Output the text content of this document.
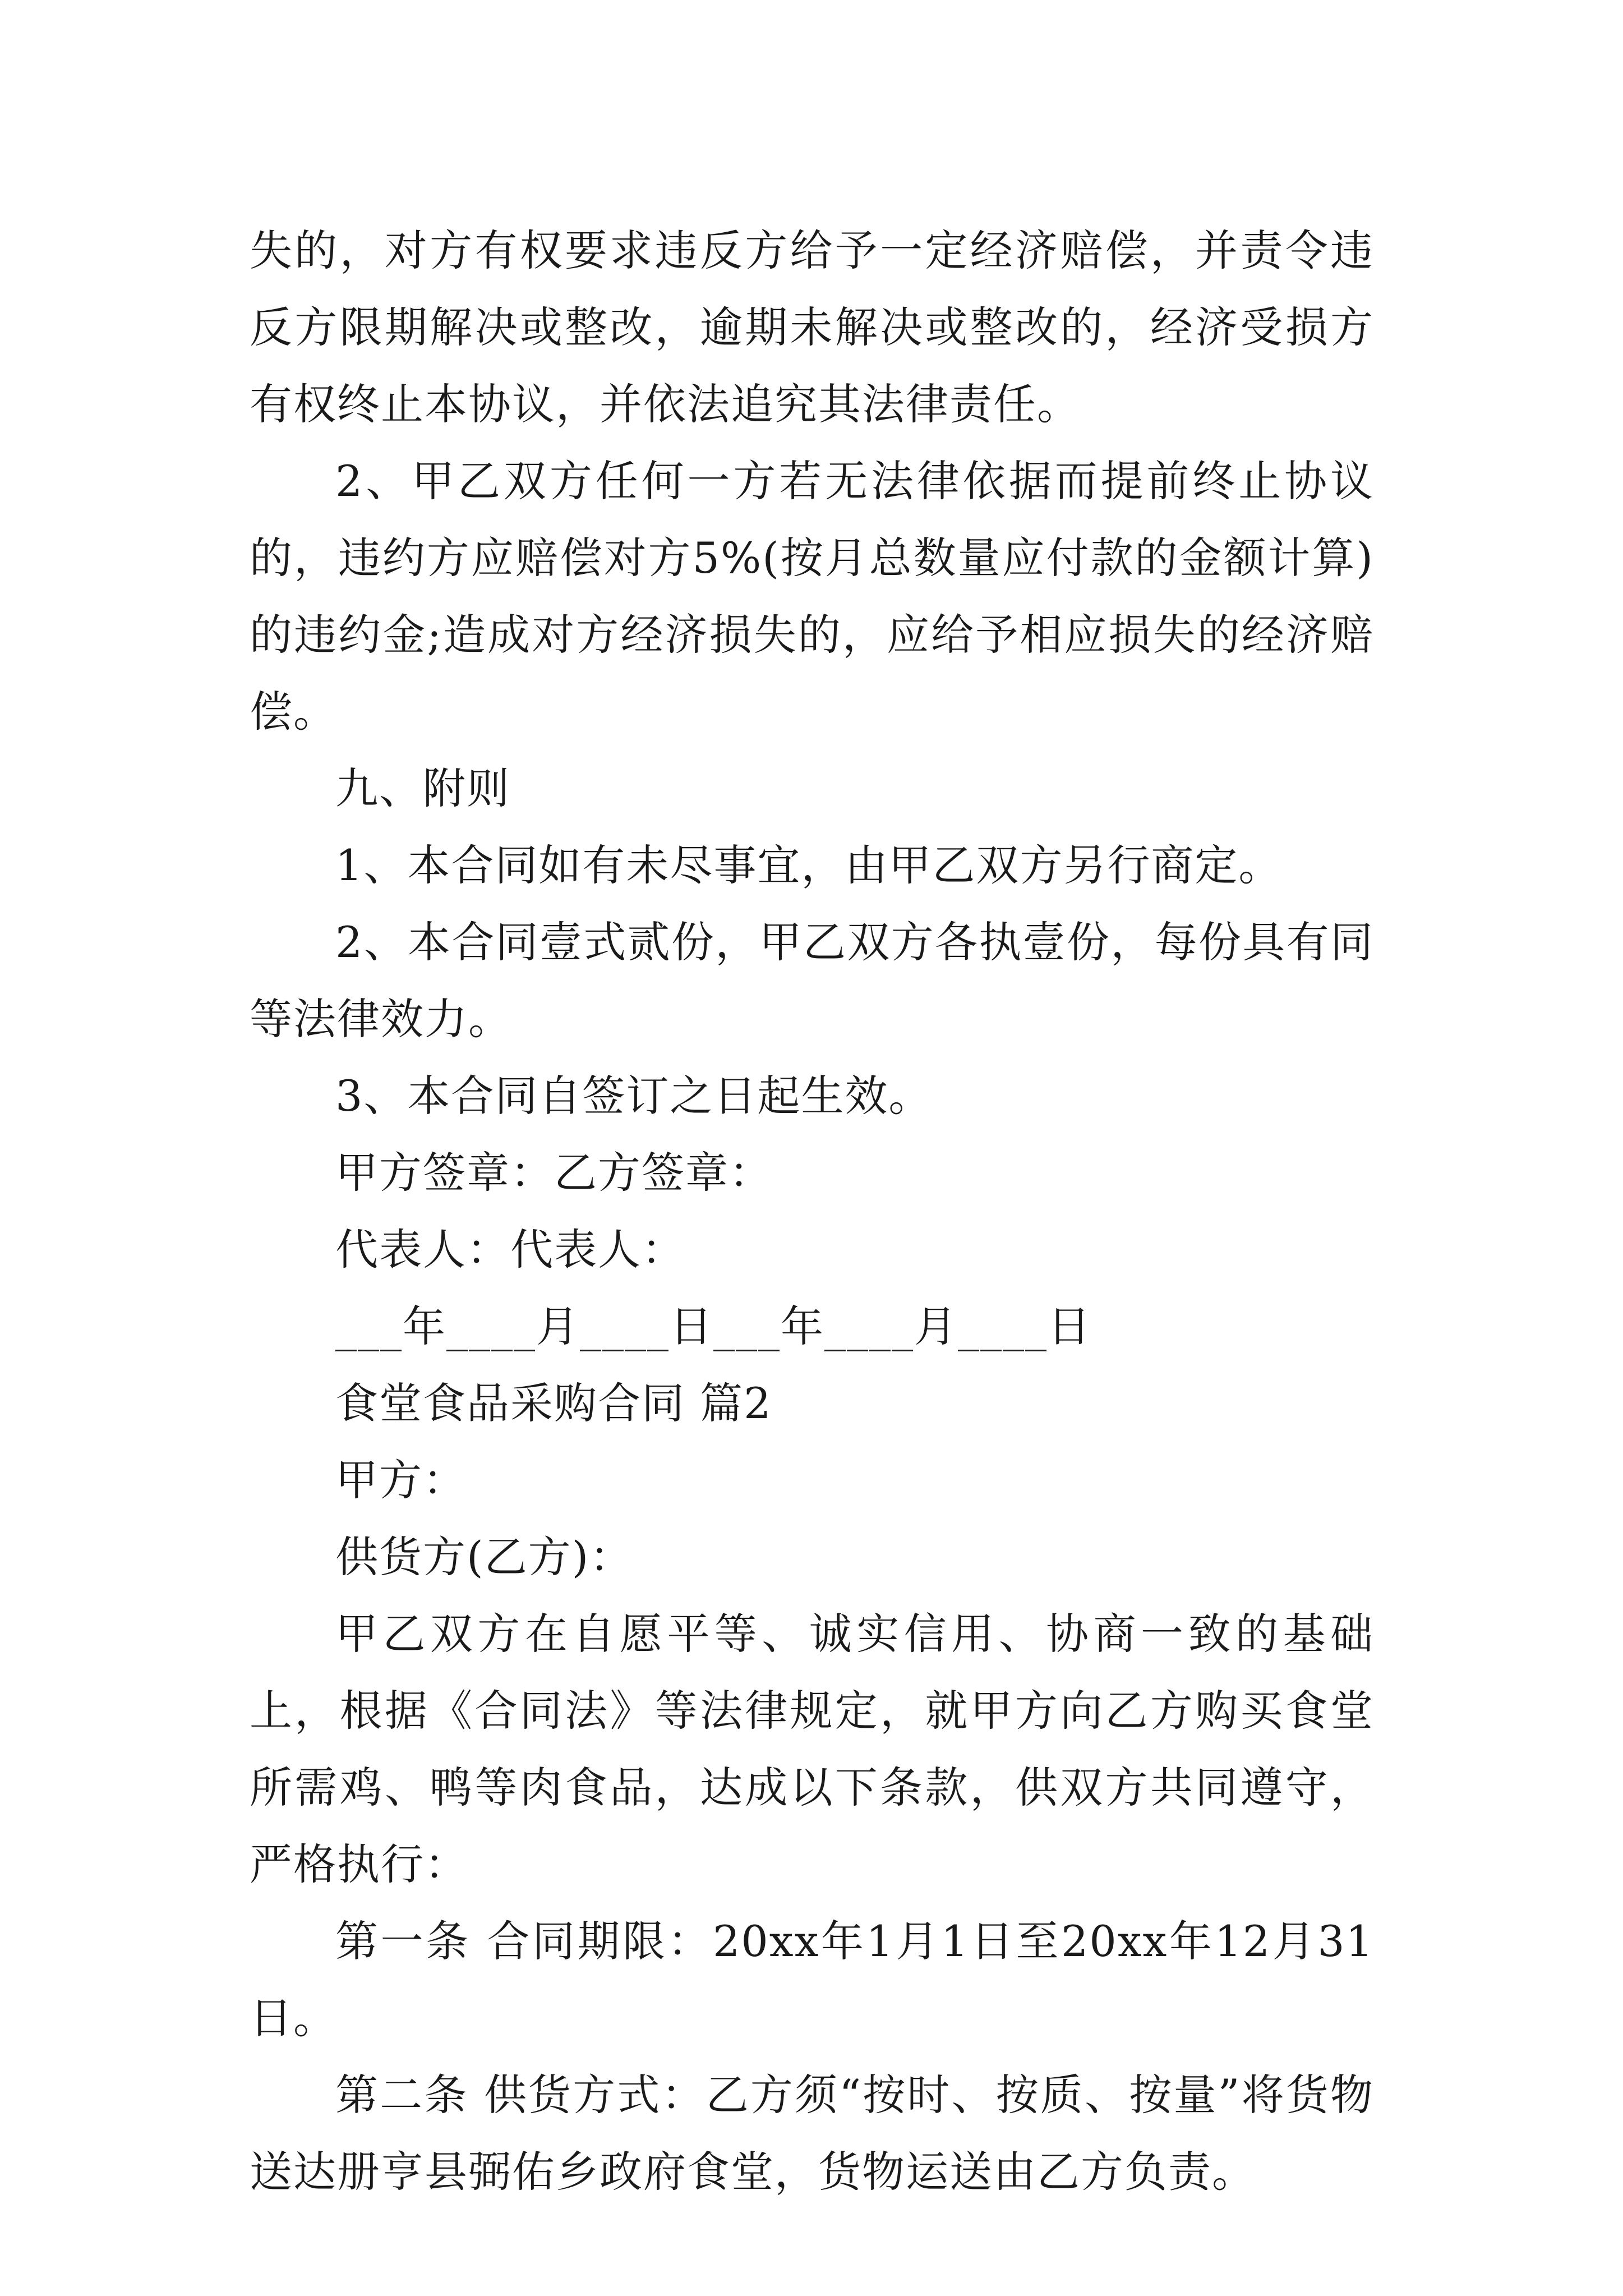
失的，对方有权要求违反方给予一定经济赔偿，并责令违反方限期解决或整改，逾期未解决或整改的，经济受损方有权终止本协议，并依法追究其法律责任。

2、甲乙双方任何一方若无法律依据而提前终止协议的，违约方应赔偿对方5%(按月总数量应付款的金额计算)的违约金;造成对方经济损失的，应给予相应损失的经济赔偿。

九、附则

1、本合同如有未尽事宜，由甲乙双方另行商定。

2、本合同壹式贰份，甲乙双方各执壹份，每份具有同等法律效力。

3、本合同自签订之日起生效。

甲方签章：乙方签章：

代表人：代表人：

___年____月____日___年____月____日

食堂食品采购合同 篇2

甲方：

供货方(乙方)：

甲乙双方在自愿平等、诚实信用、协商一致的基础上，根据《合同法》等法律规定，就甲方向乙方购买食堂所需鸡、鸭等肉食品，达成以下条款，供双方共同遵守，严格执行：

第一条 合同期限：20xx年1月1日至20xx年12月31日。

第二条 供货方式：乙方须“按时、按质、按量”将货物送达册亨县弼佑乡政府食堂，货物运送由乙方负责。
